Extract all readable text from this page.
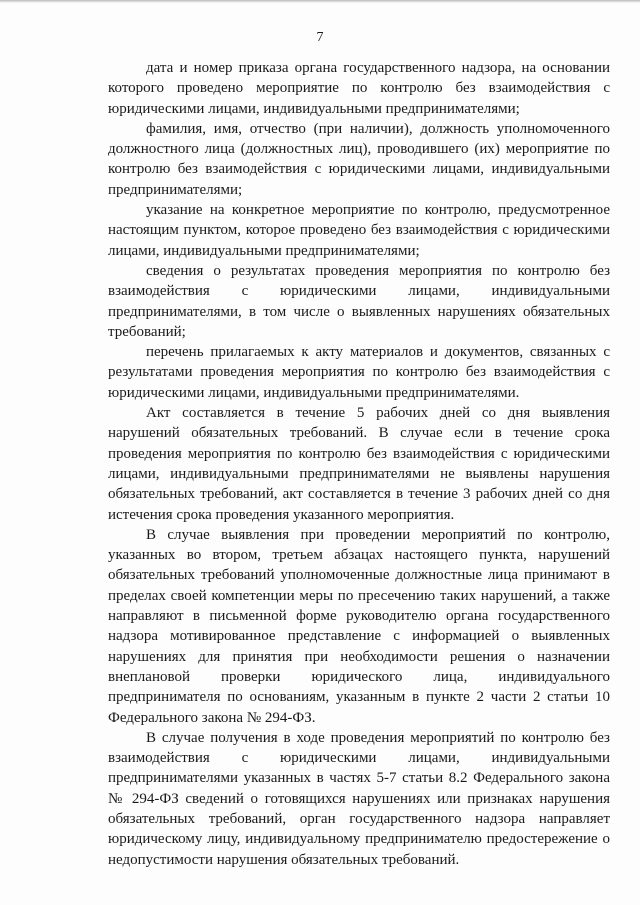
7

дата и номер приказа органа государственного надзора, на основании которого проведено мероприятие по контролю без взаимодействия с юридическими лицами, индивидуальными предпринимателями;

фамилия, имя, отчество (при наличии), должность уполномоченного должностного лица (должностных лиц), проводившего (их) мероприятие по контролю без взаимодействия с юридическими лицами, индивидуальными предпринимателями;

указание на конкретное мероприятие по контролю, предусмотренное настоящим пунктом, которое проведено без взаимодействия с юридическими лицами, индивидуальными предпринимателями;

сведения о результатах проведения мероприятия по контролю без взаимодействия с юридическими лицами, индивидуальными предпринимателями, в том числе о выявленных нарушениях обязательных требований;

перечень прилагаемых к акту материалов и документов, связанных с результатами проведения мероприятия по контролю без взаимодействия с юридическими лицами, индивидуальными предпринимателями.

Акт составляется в течение 5 рабочих дней со дня выявления нарушений обязательных требований. В случае если в течение срока проведения мероприятия по контролю без взаимодействия с юридическими лицами, индивидуальными предпринимателями не выявлены нарушения обязательных требований, акт составляется в течение 3 рабочих дней со дня истечения срока проведения указанного мероприятия.

В случае выявления при проведении мероприятий по контролю, указанных во втором, третьем абзацах настоящего пункта, нарушений обязательных требований уполномоченные должностные лица принимают в пределах своей компетенции меры по пресечению таких нарушений, а также направляют в письменной форме руководителю органа государственного надзора мотивированное представление с информацией о выявленных нарушениях для принятия при необходимости решения о назначении внеплановой проверки юридического лица, индивидуального предпринимателя по основаниям, указанным в пункте 2 части 2 статьи 10 Федерального закона № 294-ФЗ.

В случае получения в ходе проведения мероприятий по контролю без взаимодействия с юридическими лицами, индивидуальными предпринимателями указанных в частях 5-7 статьи 8.2 Федерального закона № 294-ФЗ сведений о готовящихся нарушениях или признаках нарушения обязательных требований, орган государственного надзора направляет юридическому лицу, индивидуальному предпринимателю предостережение о недопустимости нарушения обязательных требований.
